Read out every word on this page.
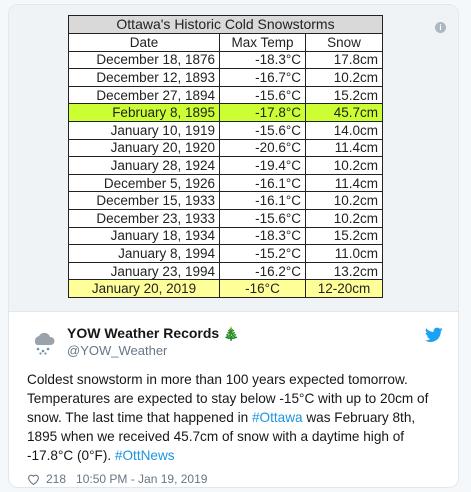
Ottawa's Historic Cold Snowstorms		
Date	Max Temp	Snow
December 18, 1876	-18.3°C	17.8cm
December 12, 1893	-16.7°C	10.2cm
December 27, 1894	-15.6°C	15.2cm
February 8, 1895	-17.8°C	45.7cm
January 10, 1919	-15.6°C	14.0cm
January 20, 1920	-20.6°C	11.4cm
January 28, 1924	-19.4°C	10.2cm
December 5, 1926	-16.1°C	11.4cm
December 15, 1933	-16.1°C	10.2cm
December 23, 1933	-15.6°C	10.2cm
January 18, 1934	-18.3°C	15.2cm
January 8, 1994	-15.2°C	11.0cm
January 23, 1994	-16.2°C	13.2cm
January 20, 2019	-16°C	12-20cm
i
YOW Weather Records 🎄
@YOW_Weather
Coldest snowstorm in more than 100 years expected tomorrow. Temperatures are expected to stay below -15°C with up to 20cm of snow. The last time that happened in #Ottawa was February 8th, 1895 when we received 45.7cm of snow with a daytime high of -17.8°C (0°F). #OttNews
218 10:50 PM - Jan 19, 2019
